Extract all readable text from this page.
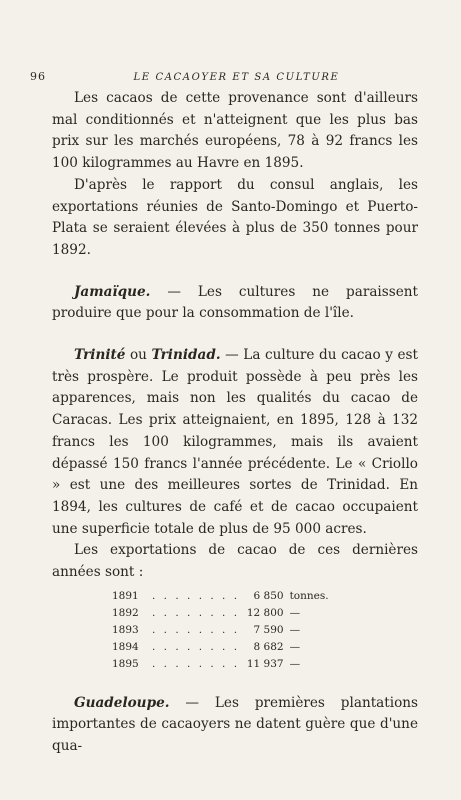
96	LE CACAOYER ET SA CULTURE

Les cacaos de cette provenance sont d'ailleurs mal conditionnés et n'atteignent que les plus bas prix sur les marchés européens, 78 à 92 francs les 100 kilogrammes au Havre en 1895.

D'après le rapport du consul anglais, les exportations réunies de Santo-Domingo et Puerto-Plata se seraient élevées à plus de 350 tonnes pour 1892.

Jamaïque. — Les cultures ne paraissent produire que pour la consommation de l'île.

Trinité ou Trinidad. — La culture du cacao y est très prospère. Le produit possède à peu près les apparences, mais non les qualités du cacao de Caracas. Les prix atteignaient, en 1895, 128 à 132 francs les 100 kilogrammes, mais ils avaient dépassé 150 francs l'année précédente. Le « Criollo » est une des meilleures sortes de Trinidad. En 1894, les cultures de café et de cacao occupaient une superficie totale de plus de 95 000 acres.

Les exportations de cacao de ces dernières années sont :

1891	. . . . . . . .	6 850	tonnes.
1892	. . . . . . . .	12 800	—
1893	. . . . . . . .	7 590	—
1894	. . . . . . . .	8 682	—
1895	. . . . . . . .	11 937	—

Guadeloupe. — Les premières plantations importantes de cacaoyers ne datent guère que d'une qua-
